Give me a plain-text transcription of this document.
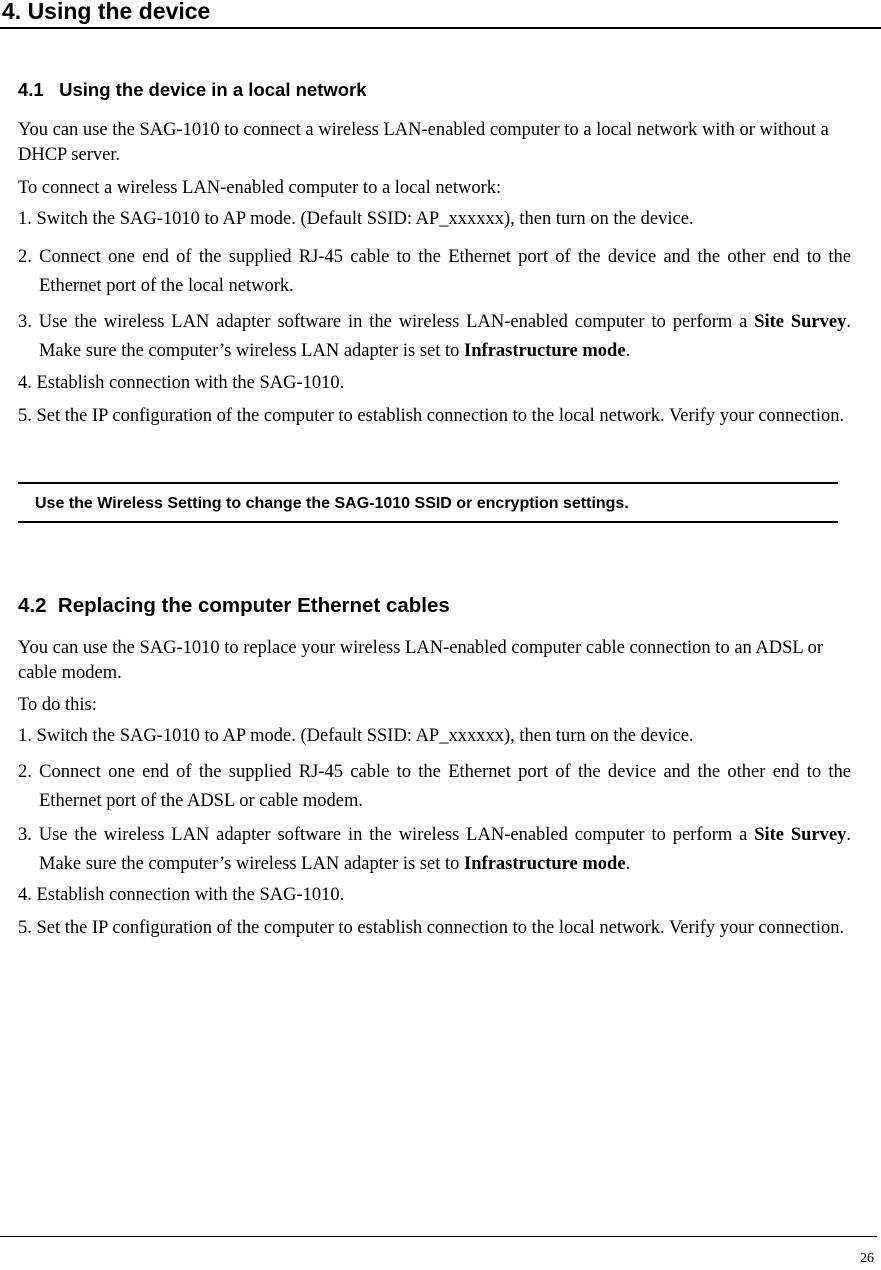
4. Using the device
4.1   Using the device in a local network

You can use the SAG-1010 to connect a wireless LAN-enabled computer to a local network with or without a DHCP server.

To connect a wireless LAN-enabled computer to a local network:
1. Switch the SAG-1010 to AP mode. (Default SSID: AP_xxxxxx), then turn on the device.
2. Connect one end of the supplied RJ-45 cable to the Ethernet port of the device and the other end to the Ethernet port of the local network.
3. Use the wireless LAN adapter software in the wireless LAN-enabled computer to perform a Site Survey. Make sure the computer’s wireless LAN adapter is set to Infrastructure mode.
4. Establish connection with the SAG-1010.
5. Set the IP configuration of the computer to establish connection to the local network. Verify your connection.
Use the Wireless Setting to change the SAG-1010 SSID or encryption settings.
4.2  Replacing the computer Ethernet cables

You can use the SAG-1010 to replace your wireless LAN-enabled computer cable connection to an ADSL or cable modem.

To do this:
1. Switch the SAG-1010 to AP mode. (Default SSID: AP_xxxxxx), then turn on the device.
2. Connect one end of the supplied RJ-45 cable to the Ethernet port of the device and the other end to the Ethernet port of the ADSL or cable modem.
3. Use the wireless LAN adapter software in the wireless LAN-enabled computer to perform a Site Survey. Make sure the computer’s wireless LAN adapter is set to Infrastructure mode.
4. Establish connection with the SAG-1010.
5. Set the IP configuration of the computer to establish connection to the local network. Verify your connection.
26
